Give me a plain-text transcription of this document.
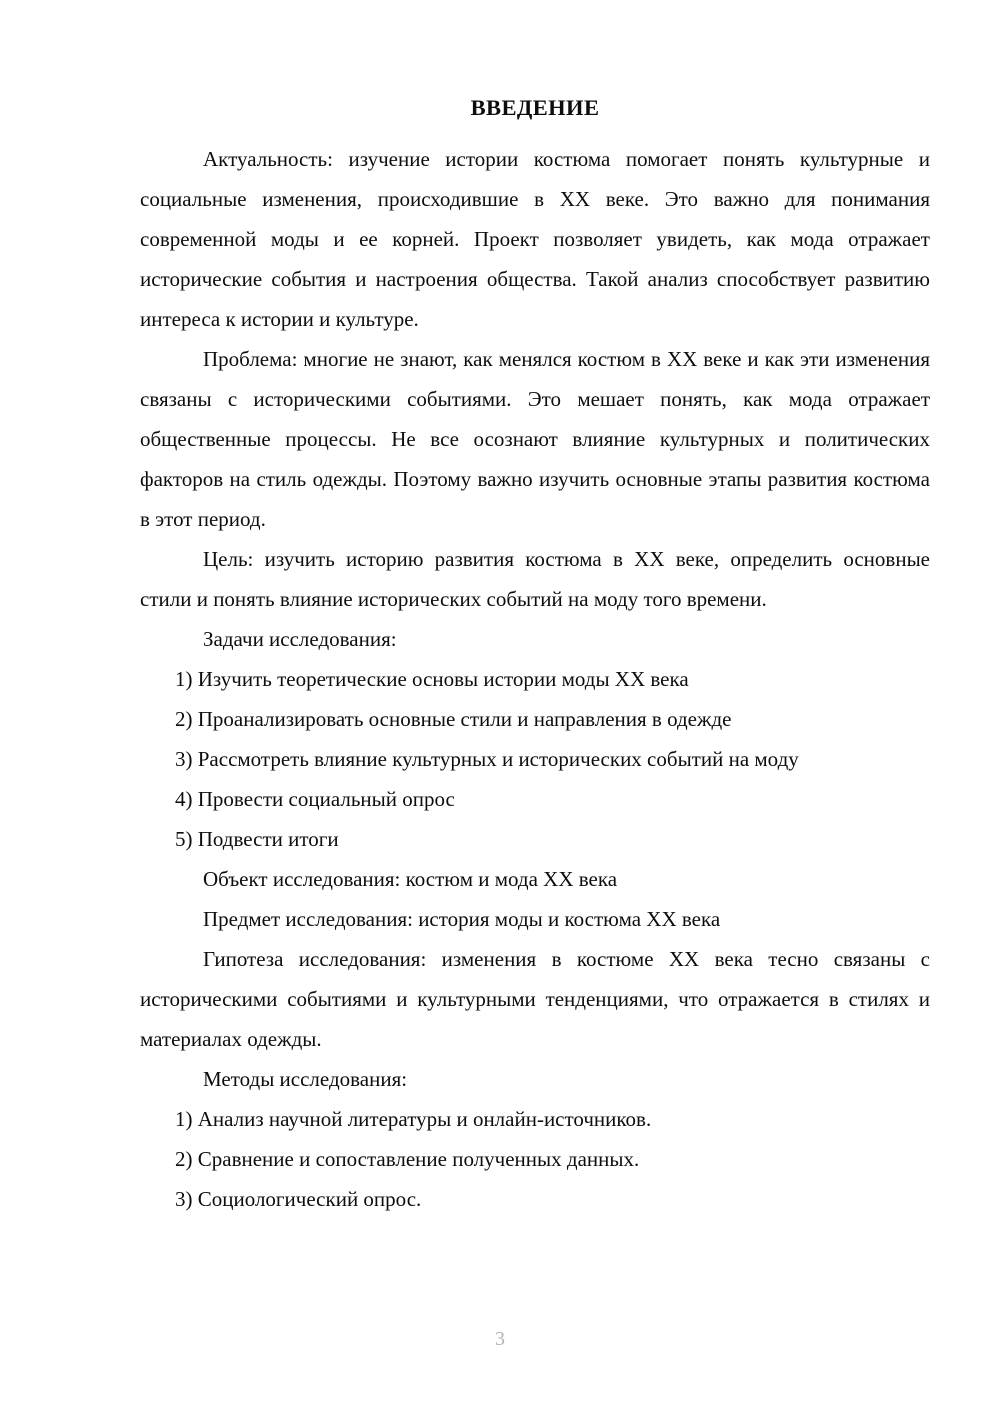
ВВЕДЕНИЕ

Актуальность: изучение истории костюма помогает понять культурные и социальные изменения, происходившие в XX веке. Это важно для понимания современной моды и ее корней. Проект позволяет увидеть, как мода отражает исторические события и настроения общества. Такой анализ способствует развитию интереса к истории и культуре.

Проблема: многие не знают, как менялся костюм в XX веке и как эти изменения связаны с историческими событиями. Это мешает понять, как мода отражает общественные процессы. Не все осознают влияние культурных и политических факторов на стиль одежды. Поэтому важно изучить основные этапы развития костюма в этот период.

Цель: изучить историю развития костюма в XX веке, определить основные стили и понять влияние исторических событий на моду того времени.

Задачи исследования:

1) Изучить теоретические основы истории моды XX века

2) Проанализировать основные стили и направления в одежде

3) Рассмотреть влияние культурных и исторических событий на моду

4) Провести социальный опрос

5) Подвести итоги

Объект исследования: костюм и мода XX века

Предмет исследования: история моды и костюма XX века

Гипотеза исследования: изменения в костюме XX века тесно связаны с историческими событиями и культурными тенденциями, что отражается в стилях и материалах одежды.

Методы исследования:

1) Анализ научной литературы и онлайн-источников.

2) Сравнение и сопоставление полученных данных.

3) Социологический опрос.

3
